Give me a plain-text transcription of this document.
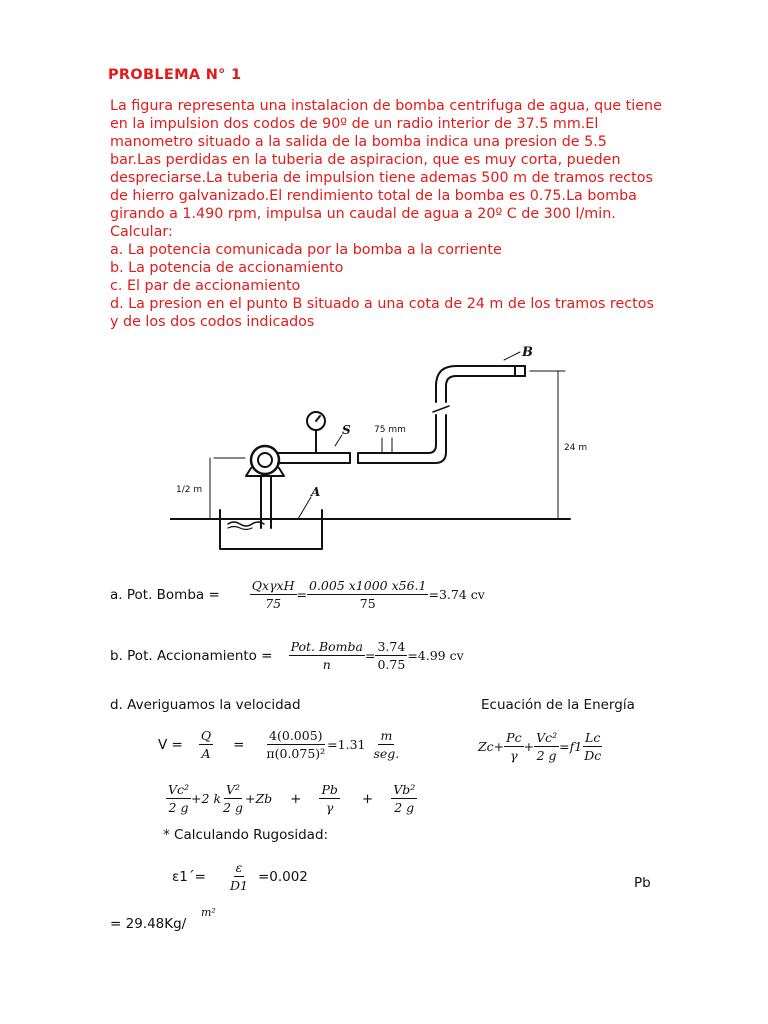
PROBLEMA N° 1
La figura representa una instalacion de bomba centrifuga de agua, que tiene
en la impulsion dos codos de 90º de un radio interior de 37.5 mm.El
manometro situado a la salida de la bomba indica una presion de 5.5
bar.Las perdidas en la tuberia de aspiracion, que es muy corta, pueden
despreciarse.La tuberia de impulsion tiene ademas 500 m de tramos rectos
de hierro galvanizado.El rendimiento total de la bomba es 0.75.La bomba
girando a 1.490 rpm, impulsa un caudal de agua a 20º C de 300 l/min.
Calcular:
a. La potencia comunicada por la bomba a la corriente
b. La potencia de accionamiento
c. El par de accionamiento
d. La presion en el punto B situado a una cota de 24 m de los tramos rectos
y de los dos codos indicados
B
S
A
75 mm
24 m
1/2 m
a. Pot. Bomba = $\frac{\text{QxγxH}}{75} = \frac{0.005 x1000 x56.1}{75} =3.74$ cv
b. Pot. Accionamiento = $\frac{\text{Pot. Bomba}}{n} = \frac{3.74}{0.75} =4.99$ cv
d. Averiguamos la velocidad	Ecuación de la Energía
$V = \frac{Q}{A} = \frac{4(0.005)}{\text{π(0.075)²}} =1.31 \frac{m}{\text{seg.}}$	$Zc+ \frac{Pc}{\gamma} + \frac{\text{Vc²}}{2 g} =f1 \frac{Lc}{Dc}$
$\frac{\text{Vc²}}{2 g} +2$ k $\frac{\text{V²}}{2 g} +Zb + \frac{Pb}{\gamma} + \frac{\text{Vb²}}{2 g}$
* Calculando Rugosidad:
$\varepsilon 1΄= \frac{\varepsilon}{D1} =0.002$	Pb
= 29.48Kg/
m²
